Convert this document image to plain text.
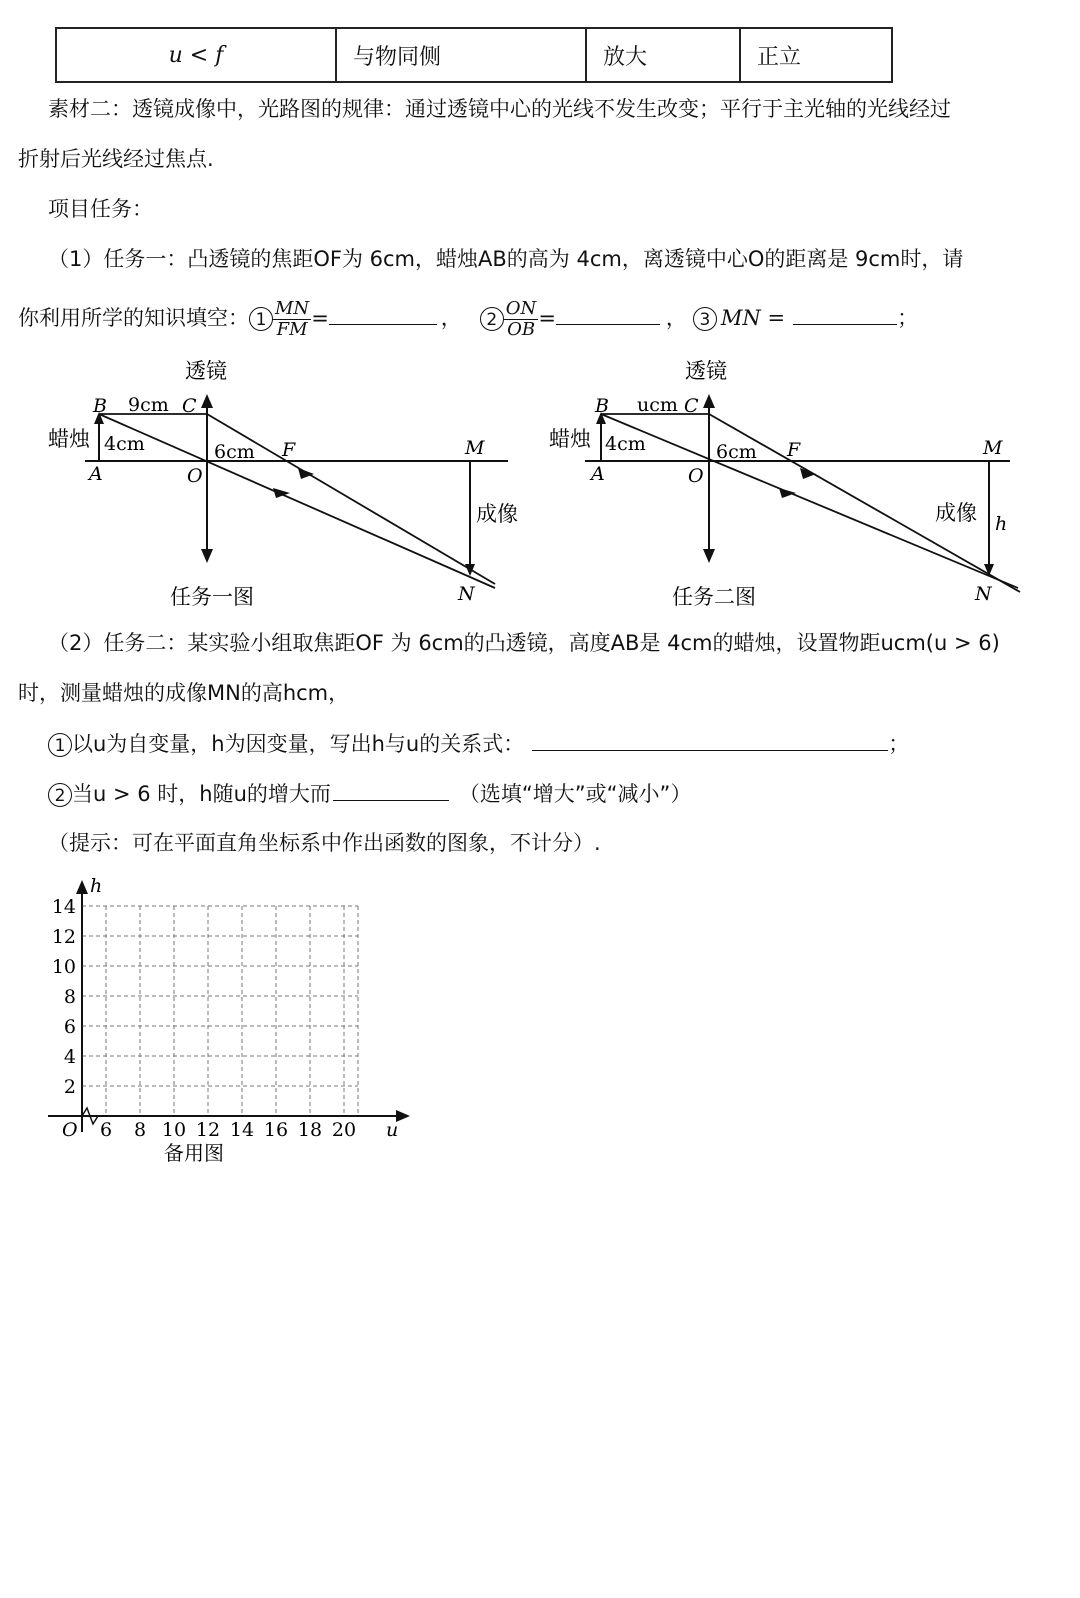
u < f	与物同侧	放大	正立
素材二：透镜成像中，光路图的规律：通过透镜中心的光线不发生改变；平行于主光轴的光线经过
折射后光线经过焦点.
项目任务：
（1）任务一：凸透镜的焦距OF为 6cm，蜡烛AB的高为 4cm，离透镜中心O的距离是 9cm时，请
你利用所学的知识填空： $1 \frac{MN}{FM}$ =	， $2 \frac{ON}{OB}$ =	， 3 MN =	；
透镜
B 9cm C
蜡烛 4cm	6cm F	M
A	O
成像
N
任务一图
透镜
B ucm C
蜡烛 4cm	6cm F	M
A	O
成像 h
N
任务二图
（2）任务二：某实验小组取焦距OF 为 6cm的凸透镜，高度AB是 4cm的蜡烛，设置物距ucm(u > 6)
时，测量蜡烛的成像MN的高hcm，
1 以u为自变量，h为因变量，写出h与u的关系式：	；
2 当u > 6 时，h随u的增大而	（选填“增大”或“减小”）
（提示：可在平面直角坐标系中作出函数的图象，不计分）.
h
u
O
14
12
10
8
6
4
2
6 8 10 12 14 16 18 20
备用图
